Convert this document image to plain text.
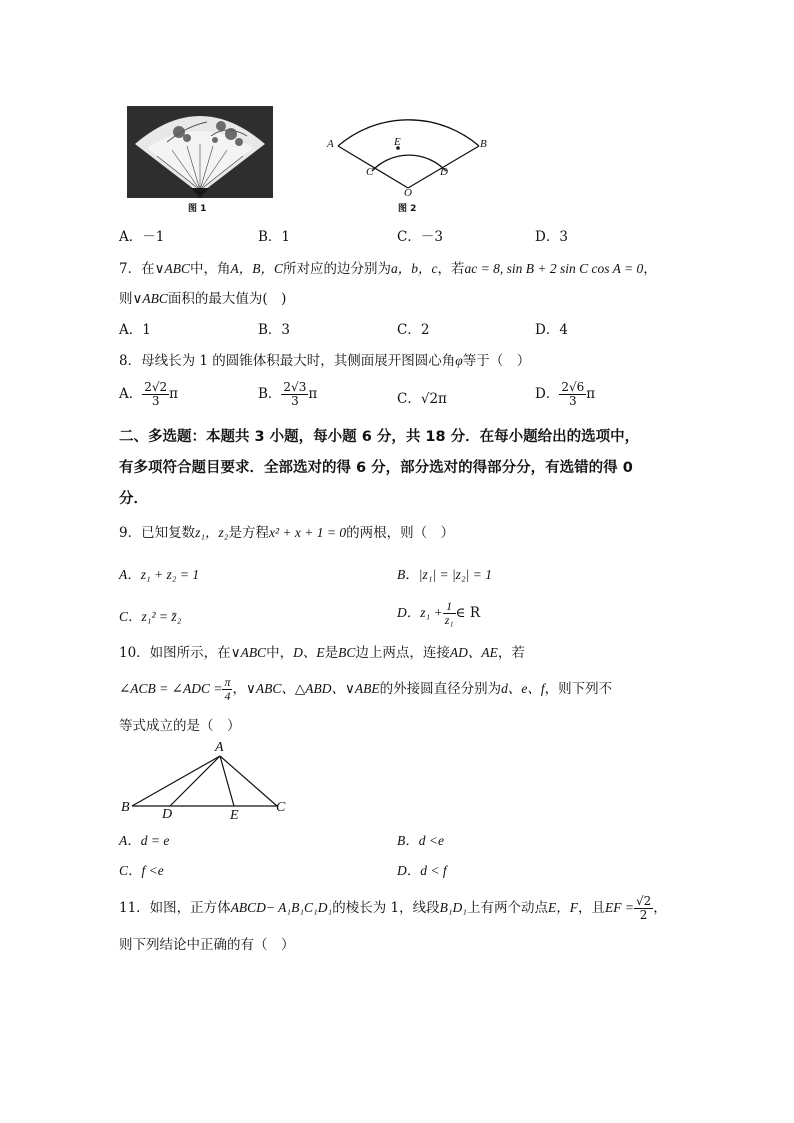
图 1
A	B
E
C	D
O
图 2
A．－1	B．1	C．－3	D．3
7．在∨ABC中，角A，B，C所对应的边分别为a，b，c，若ac = 8, sin B + 2 sin C cos A = 0，
则∨ABC面积的最大值为(　)
A．1	B．3	C．2	D．4
8．母线长为 1 的圆锥体积最大时，其侧面展开图圆心角φ等于（　）
A． $\frac{2√2}{3}$ π	B． $\frac{2√3}{3}$ π	C．√2π	D． $\frac{2√6}{3}$ π
二、多选题：本题共 3 小题，每小题 6 分，共 18 分．在每小题给出的选项中，
有多项符合题目要求．全部选对的得 6 分，部分选对的得部分分，有选错的得 0
分．
9．已知复数z₁，z₂是方程x² + x + 1 = 0的两根，则（　）
A．z₁ + z₂ = 1	B．|z₁| = |z₂| = 1
C．z₁² = z̄₂	D．$z_1 + \frac{1}{\text{z₁}}$ ∈ R
10．如图所示，在∨ABC中，D、E是BC边上两点，连接AD、AE，若
∠ACB = ∠ADC = $\frac{\pi}{4}$ ，∨ABC、△ABD、∨ABE的外接圆直径分别为d、e、f，则下列不
等式成立的是（　）
A
B	C
D	E
A．d = e	B．d <e
C．f <e	D．d < f
11．如图，正方体ABCD− A₁B₁C₁D₁的棱长为 1，线段B₁D₁上有两个动点E，F，且EF = $\frac{√2}{2}$ ，
则下列结论中正确的有（　）
